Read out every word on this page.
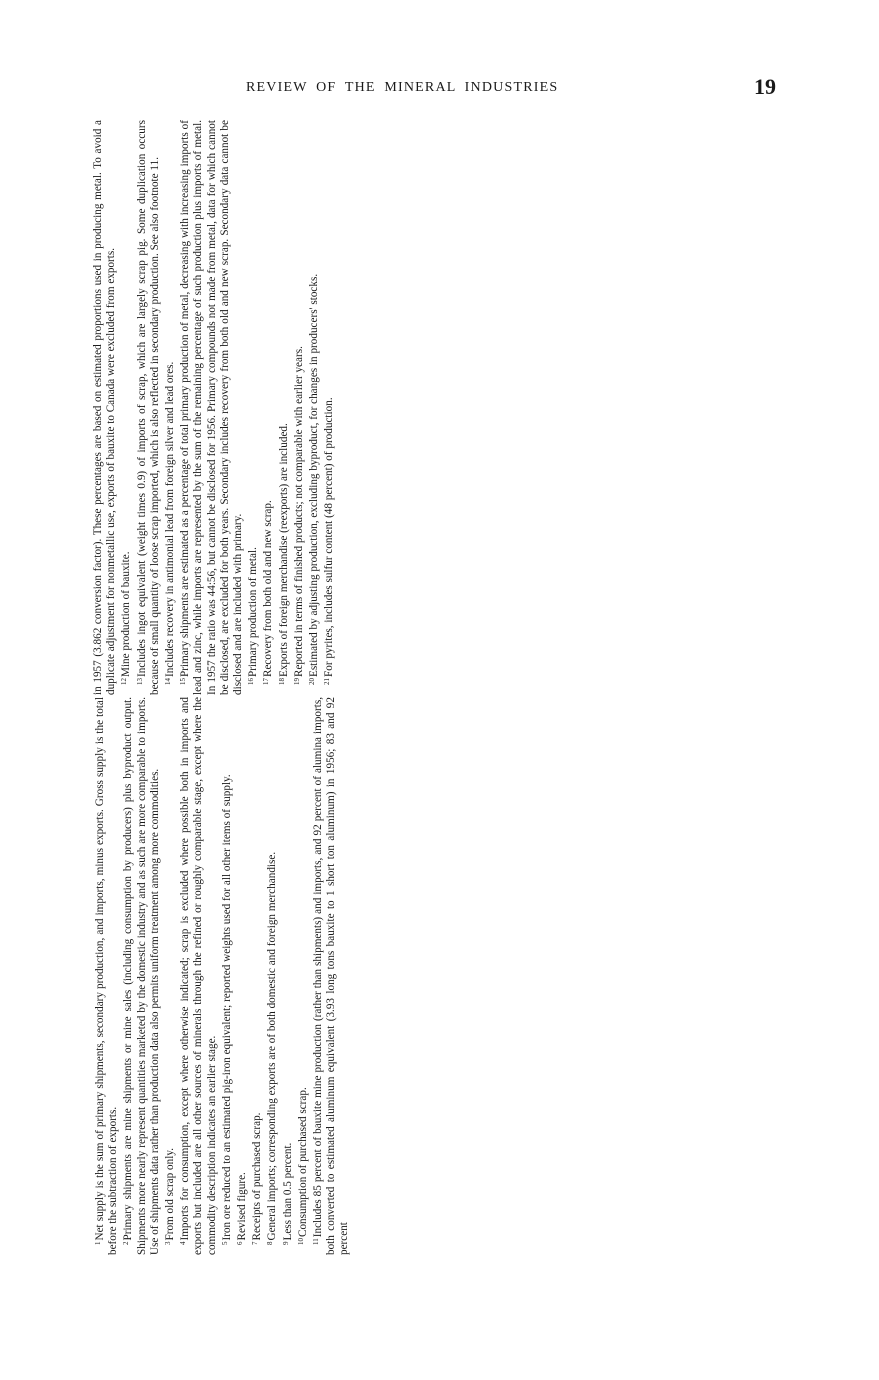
REVIEW OF THE MINERAL INDUSTRIES	19

$^1$Net supply is the sum of primary shipments, secondary production, and imports, minus exports. Gross supply is the total before the subtraction of exports. $^2$Primary shipments are mine shipments or mine sales (including consumption by producers) plus byproduct output. Shipments more nearly represent quantities marketed by the domestic industry and as such are more comparable to imports. Use of shipments data rather than production data also permits uniform treatment among more commodities. $^3$From old scrap only.

$^4$Imports for consumption, except where otherwise indicated; scrap is excluded where possible both in imports and exports but included are all other sources of minerals through the refined or roughly comparable stage, except where the commodity description indicates an earlier stage. $^5$Iron ore reduced to an estimated pig-iron equivalent; reported weights used for all other items of supply.

$^6$Revised figure.

$^7$Receipts of purchased scrap.

$^8$General imports; corresponding exports are of both domestic and foreign merchandise.

$^9$Less than 0.5 percent.

$^{10}$Consumption of purchased scrap.

$^{11}$Includes 85 percent of bauxite mine production (rather than shipments) and imports, and 92 percent of alumina imports, both converted to estimated aluminum equivalent (3.93 long tons bauxite to 1 short ton aluminum) in 1956; 83 and 92 percent

in 1957 (3.862 conversion factor). These percentages are based on estimated proportions used in producing metal. To avoid a duplicate adjustment for nonmetallic use, exports of bauxite to Canada were excluded from exports. $^{12}$Mine production of bauxite.

$^{13}$Includes ingot equivalent (weight times 0.9) of imports of scrap, which are largely scrap pig. Some duplication occurs because of small quantity of loose scrap imported, which is also reflected in secondary production. See also footnote 11. $^{14}$Includes recovery in antimonial lead from foreign silver and lead ores.

$^{15}$Primary shipments are estimated as a percentage of total primary production of metal, decreasing with increasing imports of lead and zinc, while imports are represented by the sum of the remaining percentage of such production plus imports of metal. In 1957 the ratio was 44:56, but cannot be disclosed for 1956. Primary compounds not made from metal, data for which cannot be disclosed, are excluded for both years. Secondary includes recovery from both old and new scrap. Secondary data cannot be disclosed and are included with primary. $^{16}$Primary production of metal.

$^{17}$Recovery from both old and new scrap.

$^{18}$Exports of foreign merchandise (reexports) are included.

$^{19}$Reported in terms of finished products; not comparable with earlier years.

$^{20}$Estimated by adjusting production, excluding byproduct, for changes in producers' stocks.

$^{21}$For pyrites, includes sulfur content (48 percent) of production.
